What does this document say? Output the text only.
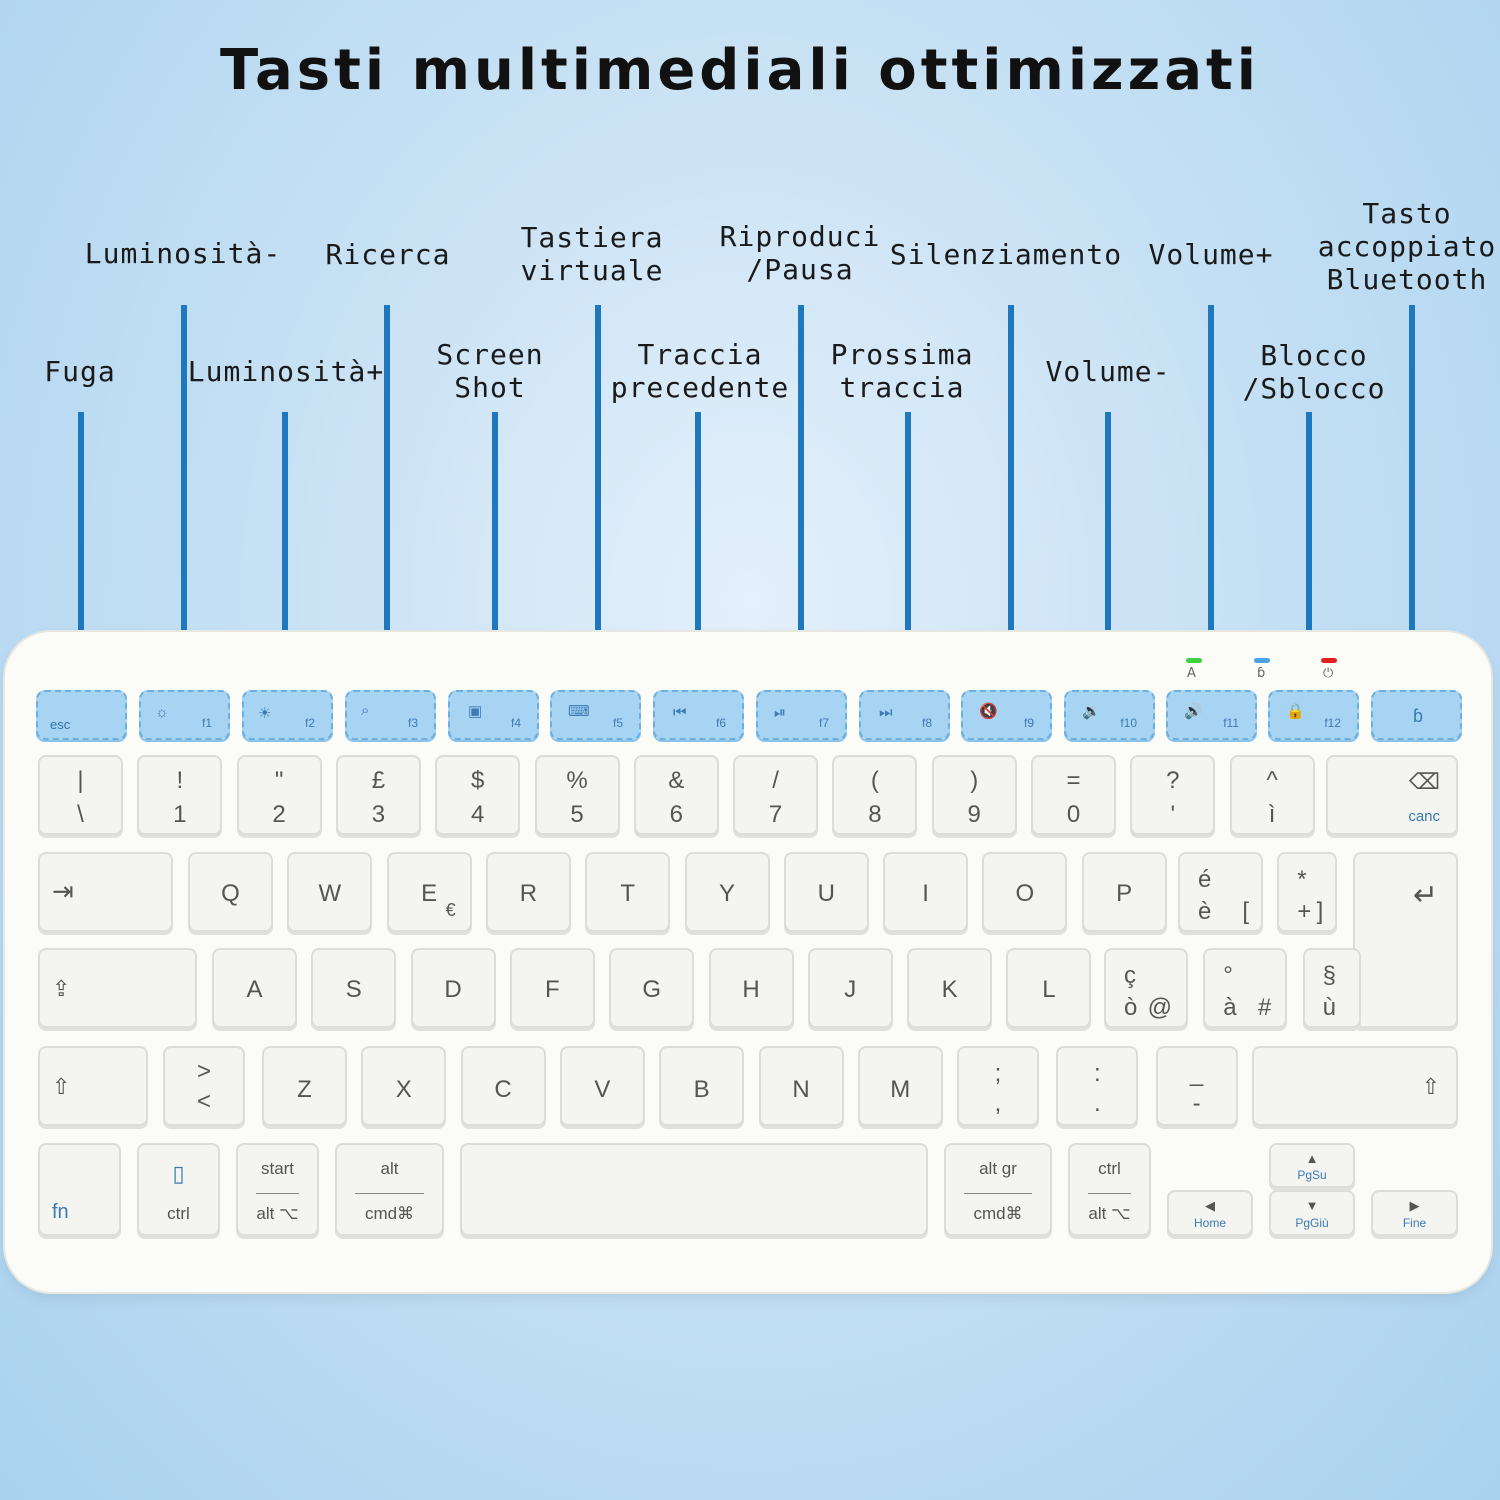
Tasti multimediali ottimizzati
Fuga
Luminosità-
Luminosità+
Ricerca
Screen
Shot
Tastiera
virtuale
Traccia
precedente
Riproduci
/Pausa
Prossima
traccia
Silenziamento
Volume-
Volume+
Blocco
/Sblocco
Tasto
accoppiato
Bluetooth
A	ɓ	⏻
esc
☼
f1
☀
f2
⌕
f3
▣
f4
⌨
f5
⏮
f6
⏯
f7
⏭
f8
🔇
f9
🔉
f10
🔊
f11
🔒
f12	ɓ
|
\
!
1
"
2
£
3
$
4
%
5
&
6
/
7
(
8
)
9
=
0
?
'
^
ì
⌫
canc
⇥	Q	W	E
€
R	T	Y	U	I	O	P
é
è [
*
+ ]	↵
⇪	A	S	D	F	G	H	J	K	L
ç
ò @
°
à #
§
ù
⇧
>
<	Z	X	C	V	B	N	M
;
,
:
.
_
-
⇧
fn
▯
ctrl
start
alt ⌥
alt
cmd⌘
alt gr
cmd⌘
ctrl
alt ⌥	◀
Home
▲
PgSu
▼
PgGiù
▶
Fine
